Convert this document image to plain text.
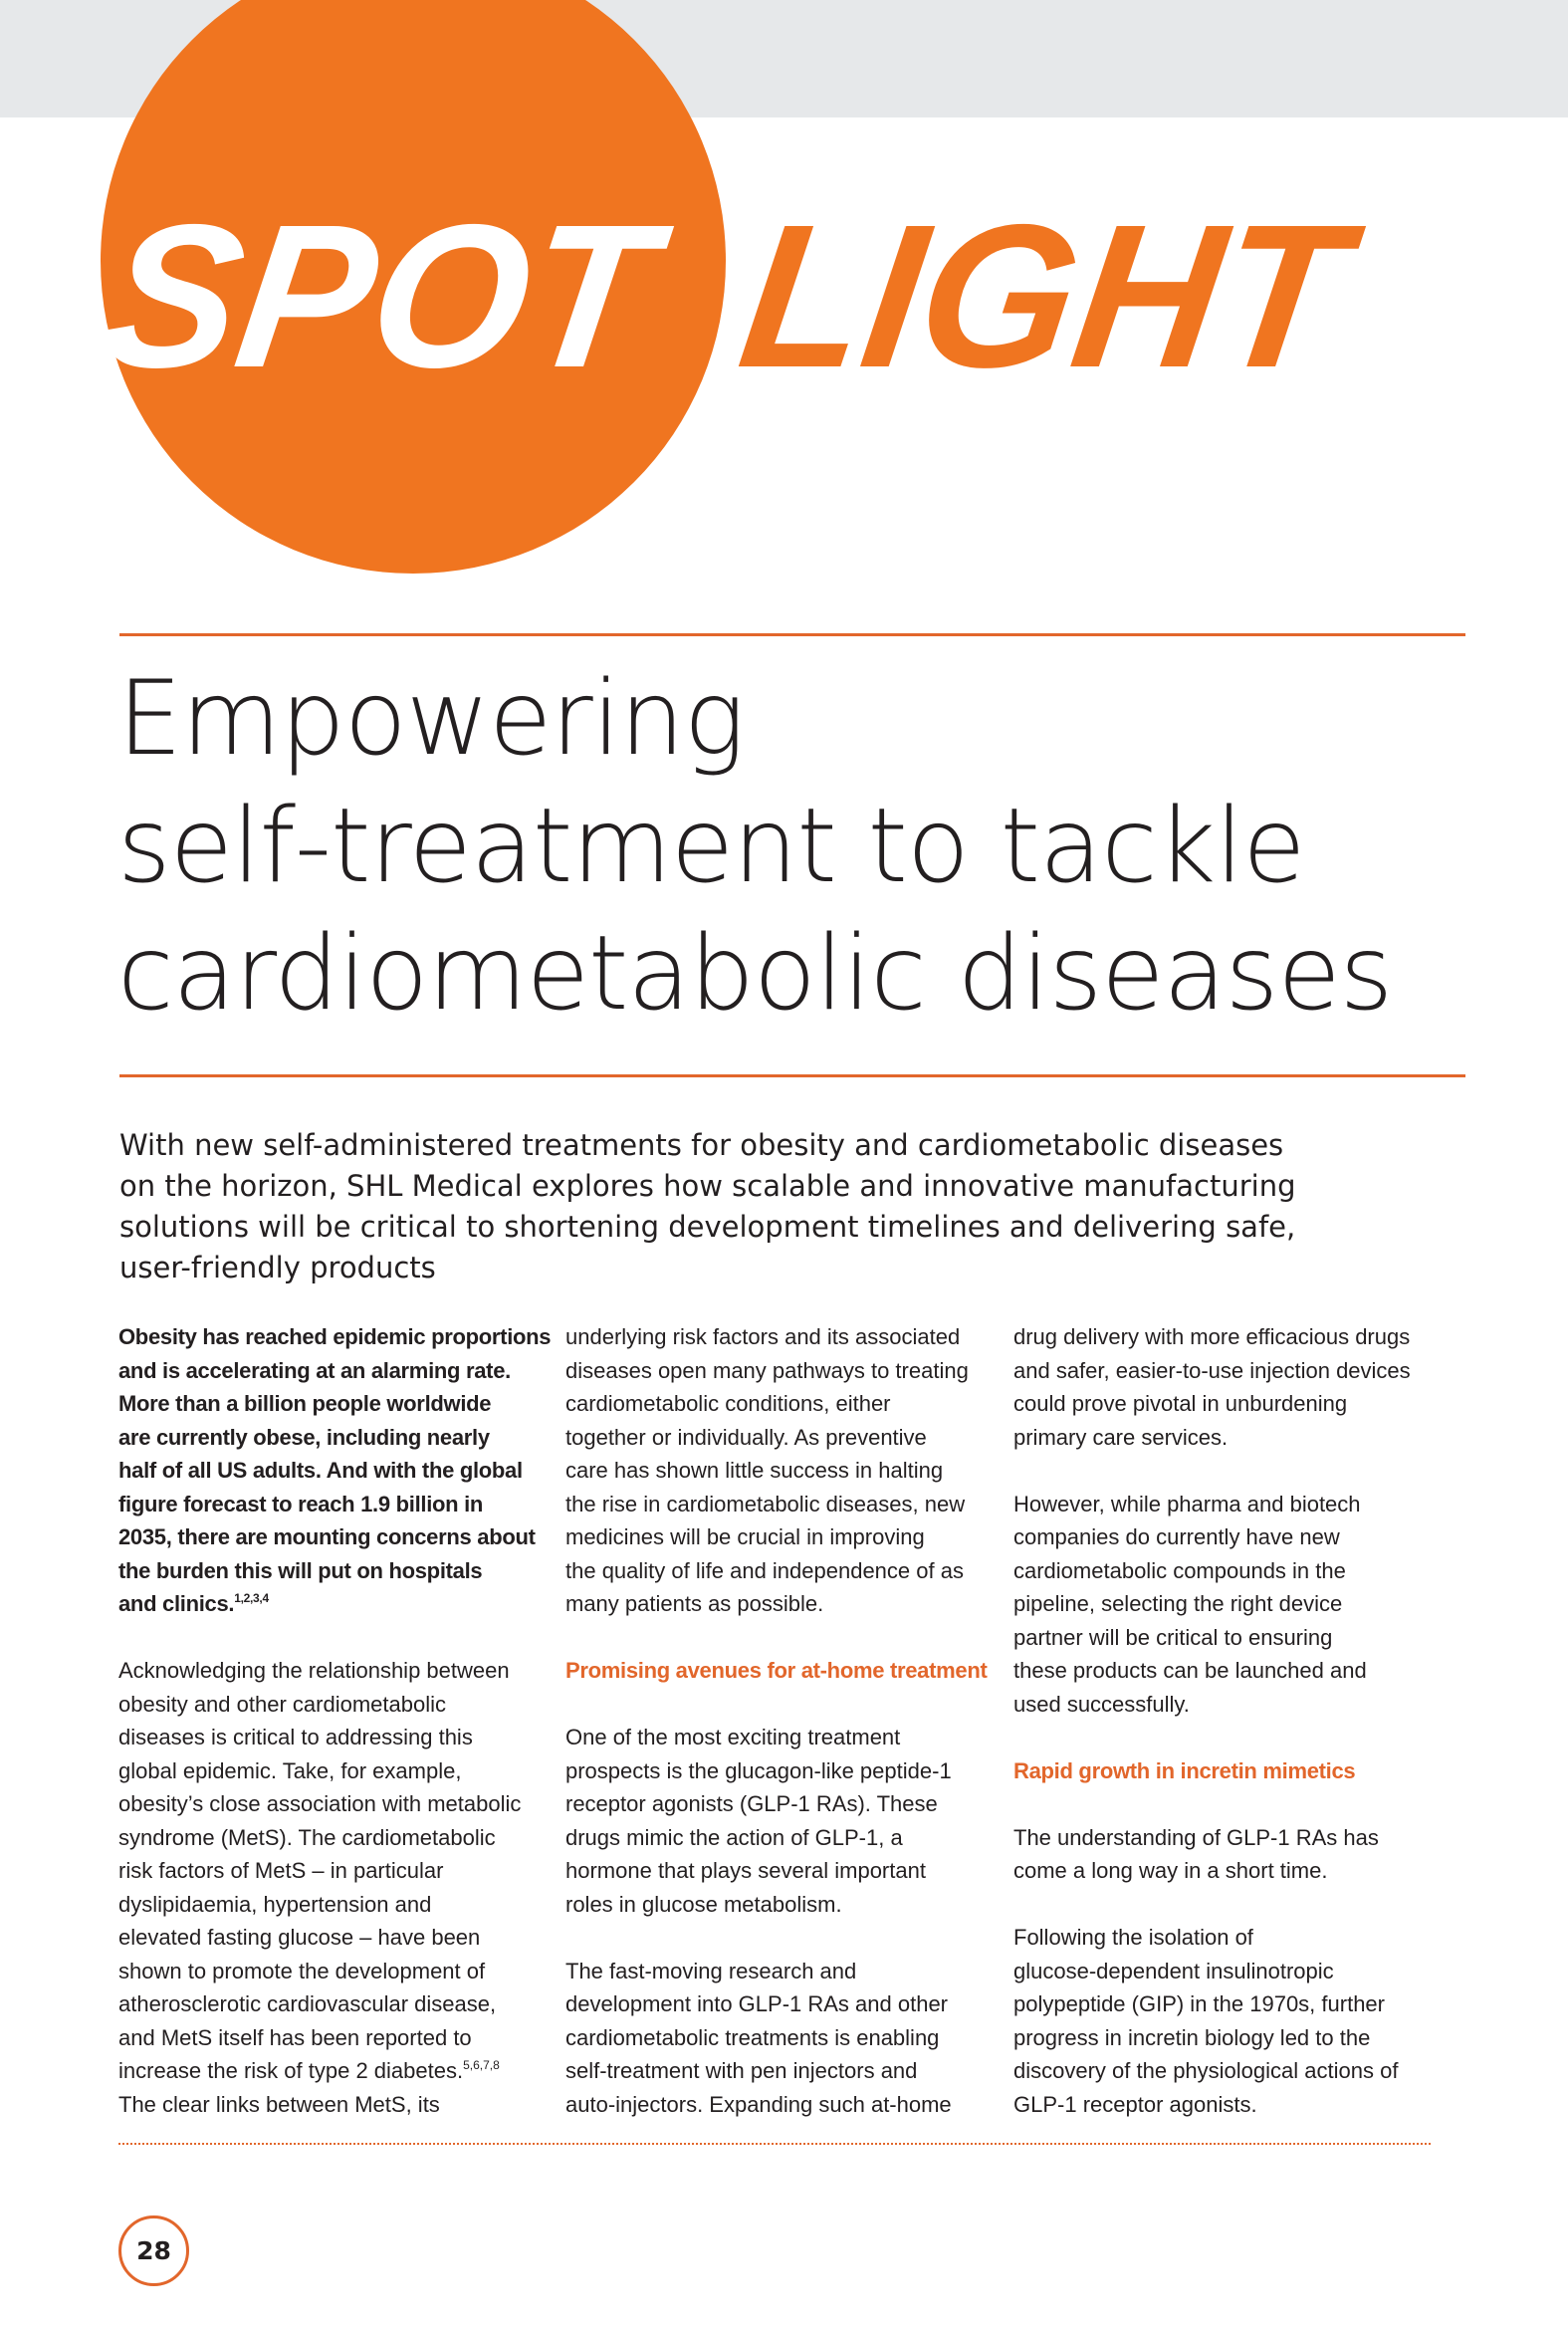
SPOT LIGHT
Empowering
self-treatment to tackle
cardiometabolic diseases
With new self-administered treatments for obesity and cardiometabolic diseases
on the horizon, SHL Medical explores how scalable and innovative manufacturing
solutions will be critical to shortening development timelines and delivering safe,
user-friendly products

Obesity has reached epidemic proportions
and is accelerating at an alarming rate.
More than a billion people worldwide
are currently obese, including nearly
half of all US adults. And with the global
figure forecast to reach 1.9 billion in
2035, there are mounting concerns about
the burden this will put on hospitals
and clinics.$^{1,2,3,4}$

Acknowledging the relationship between
obesity and other cardiometabolic
diseases is critical to addressing this
global epidemic. Take, for example,
obesity’s close association with metabolic
syndrome (MetS). The cardiometabolic
risk factors of MetS – in particular
dyslipidaemia, hypertension and
elevated fasting glucose – have been
shown to promote the development of
atherosclerotic cardiovascular disease,
and MetS itself has been reported to
increase the risk of type 2 diabetes.$^{5,6,7,8}$
The clear links between MetS, its

underlying risk factors and its associated
diseases open many pathways to treating
cardiometabolic conditions, either
together or individually. As preventive
care has shown little success in halting
the rise in cardiometabolic diseases, new
medicines will be crucial in improving
the quality of life and independence of as
many patients as possible.

Promising avenues for at-home treatment

One of the most exciting treatment
prospects is the glucagon-like peptide-1
receptor agonists (GLP-1 RAs). These
drugs mimic the action of GLP-1, a
hormone that plays several important
roles in glucose metabolism.

The fast-moving research and
development into GLP-1 RAs and other
cardiometabolic treatments is enabling
self-treatment with pen injectors and
auto-injectors. Expanding such at-home

drug delivery with more efficacious drugs
and safer, easier-to-use injection devices
could prove pivotal in unburdening
primary care services.

However, while pharma and biotech
companies do currently have new
cardiometabolic compounds in the
pipeline, selecting the right device
partner will be critical to ensuring
these products can be launched and
used successfully.

Rapid growth in incretin mimetics

The understanding of GLP-1 RAs has
come a long way in a short time.

Following the isolation of
glucose-dependent insulinotropic
polypeptide (GIP) in the 1970s, further
progress in incretin biology led to the
discovery of the physiological actions of
GLP-1 receptor agonists.

28
